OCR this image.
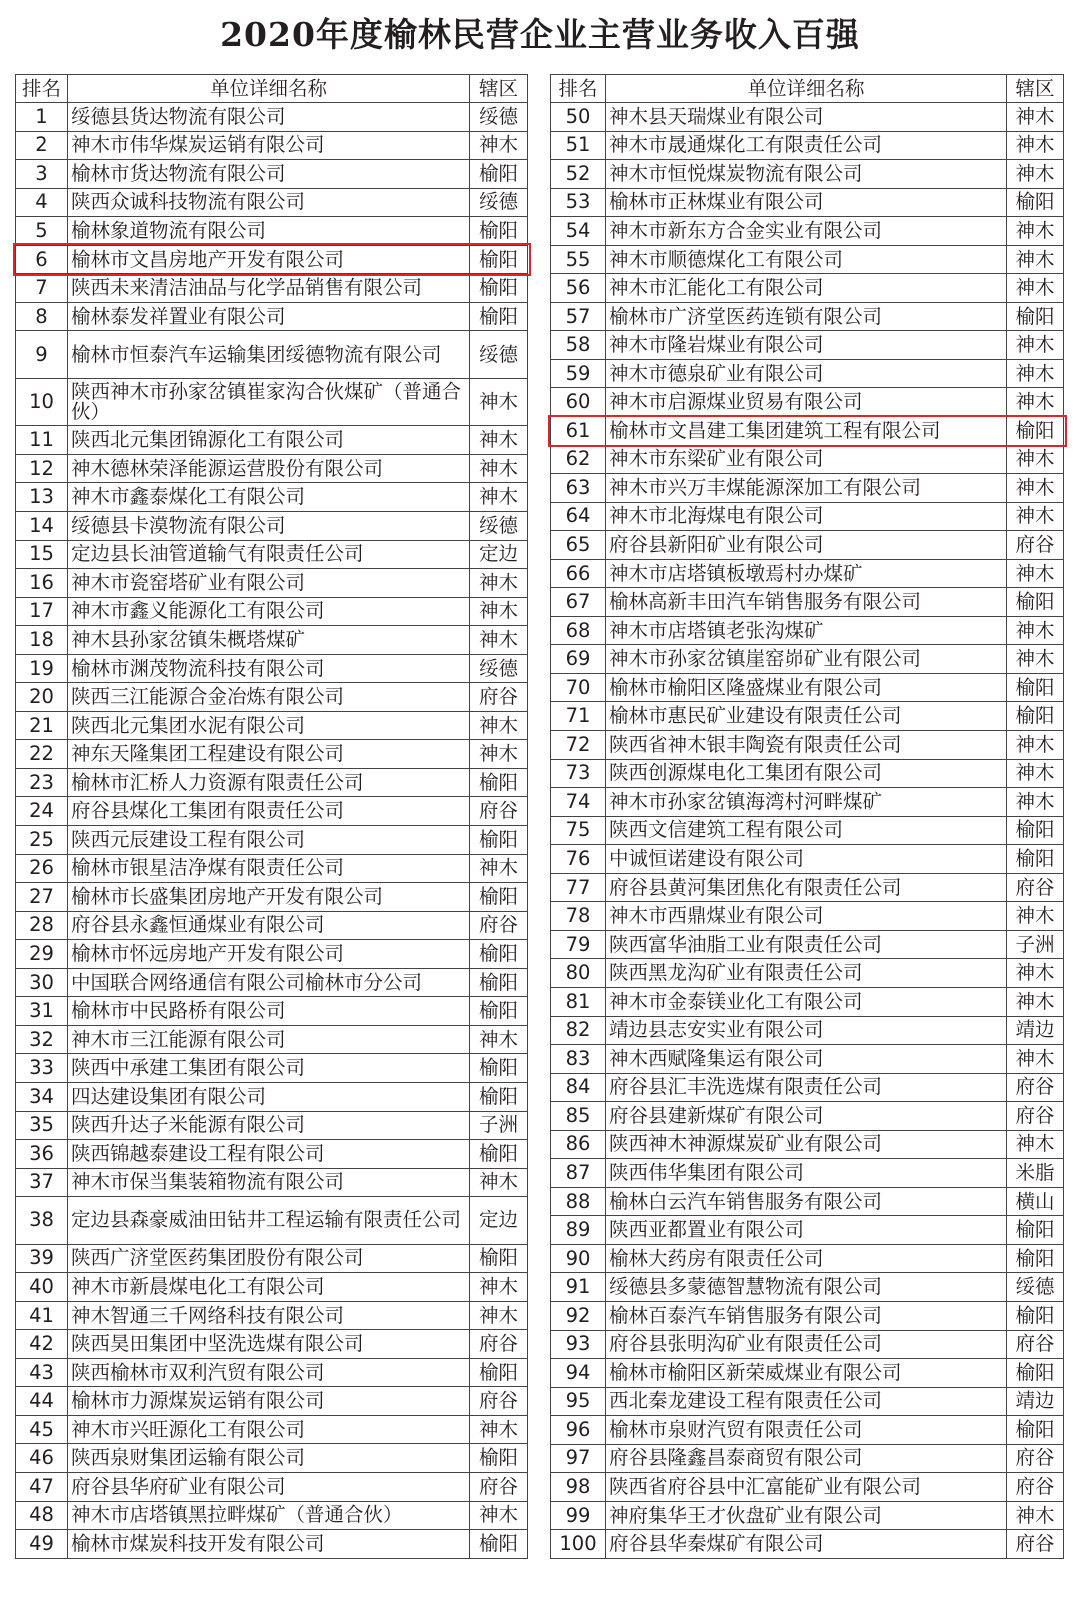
2020年度榆林民营企业主营业务收入百强
排名	单位详细名称	辖区
1	绥德县货达物流有限公司	绥德
2	神木市伟华煤炭运销有限公司	神木
3	榆林市货达物流有限公司	榆阳
4	陕西众诚科技物流有限公司	绥德
5	榆林象道物流有限公司	榆阳
6	榆林市文昌房地产开发有限公司	榆阳
7	陕西未来清洁油品与化学品销售有限公司	榆阳
8	榆林泰发祥置业有限公司	榆阳
9	榆林市恒泰汽车运输集团绥德物流有限公司	绥德
10	陕西神木市孙家岔镇崔家沟合伙煤矿（普通合伙）	神木
11	陕西北元集团锦源化工有限公司	神木
12	神木德林荣泽能源运营股份有限公司	神木
13	神木市鑫泰煤化工有限公司	神木
14	绥德县卡漠物流有限公司	绥德
15	定边县长油管道输气有限责任公司	定边
16	神木市瓷窑塔矿业有限公司	神木
17	神木市鑫义能源化工有限公司	神木
18	神木县孙家岔镇朱概塔煤矿	神木
19	榆林市渊茂物流科技有限公司	绥德
20	陕西三江能源合金冶炼有限公司	府谷
21	陕西北元集团水泥有限公司	神木
22	神东天隆集团工程建设有限公司	神木
23	榆林市汇桥人力资源有限责任公司	榆阳
24	府谷县煤化工集团有限责任公司	府谷
25	陕西元辰建设工程有限公司	榆阳
26	榆林市银星洁净煤有限责任公司	神木
27	榆林市长盛集团房地产开发有限公司	榆阳
28	府谷县永鑫恒通煤业有限公司	府谷
29	榆林市怀远房地产开发有限公司	榆阳
30	中国联合网络通信有限公司榆林市分公司	榆阳
31	榆林市中民路桥有限公司	榆阳
32	神木市三江能源有限公司	神木
33	陕西中承建工集团有限公司	榆阳
34	四达建设集团有限公司	榆阳
35	陕西升达子米能源有限公司	子洲
36	陕西锦越泰建设工程有限公司	榆阳
37	神木市保当集装箱物流有限公司	神木
38	定边县森豪威油田钻井工程运输有限责任公司	定边
39	陕西广济堂医药集团股份有限公司	榆阳
40	神木市新晨煤电化工有限公司	神木
41	神木智通三千网络科技有限公司	神木
42	陕西昊田集团中坚洗选煤有限公司	府谷
43	陕西榆林市双利汽贸有限公司	榆阳
44	榆林市力源煤炭运销有限公司	府谷
45	神木市兴旺源化工有限公司	神木
46	陕西泉财集团运输有限公司	榆阳
47	府谷县华府矿业有限公司	府谷
48	神木市店塔镇黑拉畔煤矿（普通合伙）	神木
49	榆林市煤炭科技开发有限公司	榆阳
排名	单位详细名称	辖区
50	神木县天瑞煤业有限公司	神木
51	神木市晟通煤化工有限责任公司	神木
52	神木市恒悦煤炭物流有限公司	神木
53	榆林市正林煤业有限公司	榆阳
54	神木市新东方合金实业有限公司	神木
55	神木市顺德煤化工有限公司	神木
56	神木市汇能化工有限公司	神木
57	榆林市广济堂医药连锁有限公司	榆阳
58	神木市隆岩煤业有限公司	神木
59	神木市德泉矿业有限公司	神木
60	神木市启源煤业贸易有限公司	神木
61	榆林市文昌建工集团建筑工程有限公司	榆阳
62	神木市东梁矿业有限公司	神木
63	神木市兴万丰煤能源深加工有限公司	神木
64	神木市北海煤电有限公司	神木
65	府谷县新阳矿业有限公司	府谷
66	神木市店塔镇板墩焉村办煤矿	神木
67	榆林高新丰田汽车销售服务有限公司	榆阳
68	神木市店塔镇老张沟煤矿	神木
69	神木市孙家岔镇崖窑峁矿业有限公司	神木
70	榆林市榆阳区隆盛煤业有限公司	榆阳
71	榆林市惠民矿业建设有限责任公司	榆阳
72	陕西省神木银丰陶瓷有限责任公司	神木
73	陕西创源煤电化工集团有限公司	神木
74	神木市孙家岔镇海湾村河畔煤矿	神木
75	陕西文信建筑工程有限公司	榆阳
76	中诚恒诺建设有限公司	榆阳
77	府谷县黄河集团焦化有限责任公司	府谷
78	神木市西鼎煤业有限公司	神木
79	陕西富华油脂工业有限责任公司	子洲
80	陕西黑龙沟矿业有限责任公司	神木
81	神木市金泰镁业化工有限公司	神木
82	靖边县志安实业有限公司	靖边
83	神木西赋隆集运有限公司	神木
84	府谷县汇丰洗选煤有限责任公司	府谷
85	府谷县建新煤矿有限公司	府谷
86	陕西神木神源煤炭矿业有限公司	神木
87	陕西伟华集团有限公司	米脂
88	榆林白云汽车销售服务有限公司	横山
89	陕西亚都置业有限公司	榆阳
90	榆林大药房有限责任公司	榆阳
91	绥德县多蒙德智慧物流有限公司	绥德
92	榆林百泰汽车销售服务有限公司	榆阳
93	府谷县张明沟矿业有限责任公司	府谷
94	榆林市榆阳区新荣威煤业有限公司	榆阳
95	西北秦龙建设工程有限责任公司	靖边
96	榆林市泉财汽贸有限责任公司	榆阳
97	府谷县隆鑫昌泰商贸有限公司	府谷
98	陕西省府谷县中汇富能矿业有限公司	府谷
99	神府集华王才伙盘矿业有限公司	神木
100	府谷县华秦煤矿有限公司	府谷
